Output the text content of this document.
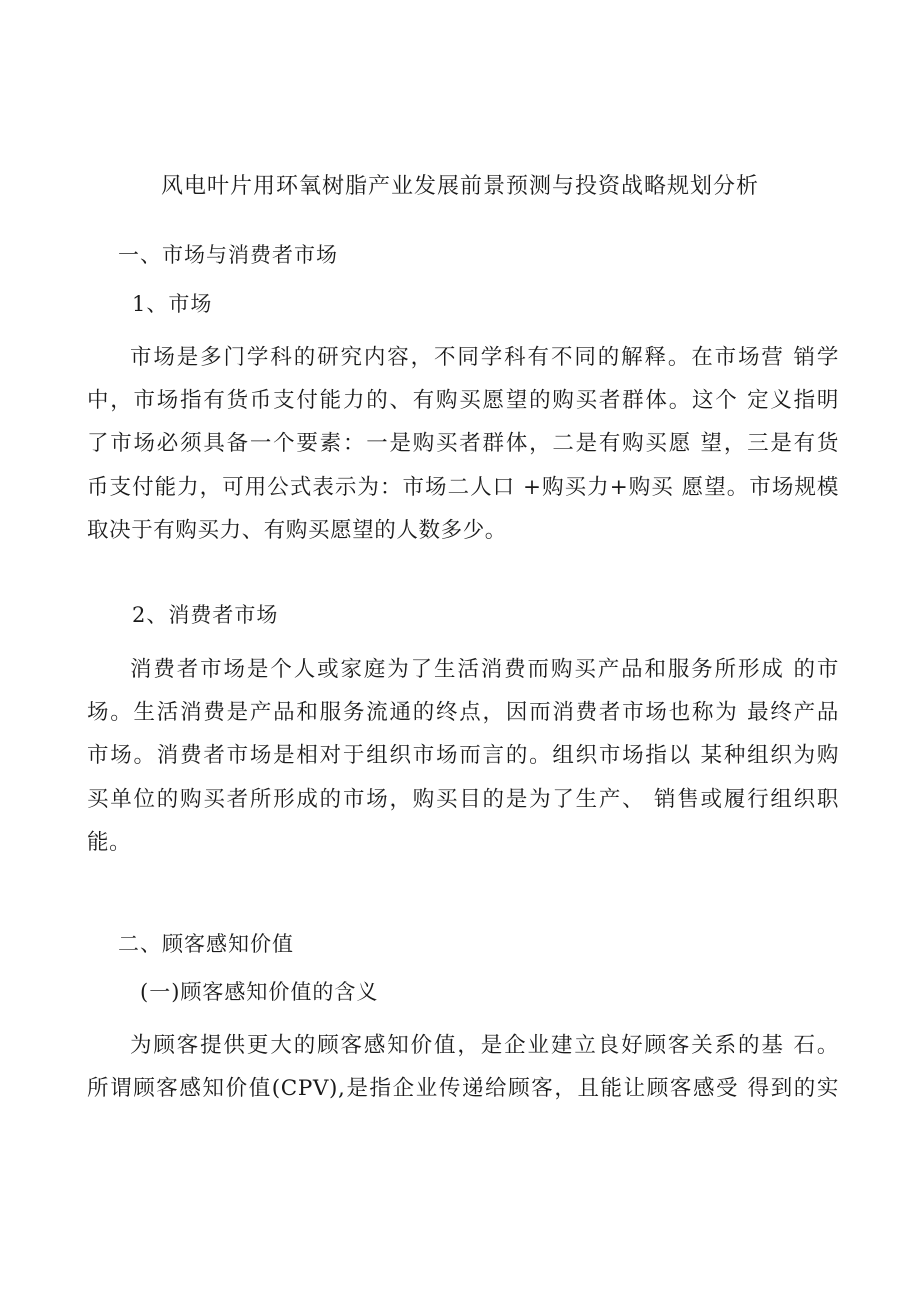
风电叶片用环氧树脂产业发展前景预测与投资战略规划分析
一、市场与消费者市场
1、市场
市场是多门学科的研究内容，不同学科有不同的解释。在市场营 销学
中，市场指有货币支付能力的、有购买愿望的购买者群体。这个 定义指明
了市场必须具备一个要素：一是购买者群体，二是有购买愿 望，三是有货
币支付能力，可用公式表示为：市场二人口 +购买力+购买 愿望。市场规模
取决于有购买力、有购买愿望的人数多少。
2、消费者市场
消费者市场是个人或家庭为了生活消费而购买产品和服务所形成 的市
场。生活消费是产品和服务流通的终点，因而消费者市场也称为 最终产品
市场。消费者市场是相对于组织市场而言的。组织市场指以 某种组织为购
买单位的购买者所形成的市场，购买目的是为了生产、 销售或履行组织职
能。
二、顾客感知价值
(一)顾客感知价值的含义
为顾客提供更大的顾客感知价值，是企业建立良好顾客关系的基 石。
所谓顾客感知价值(CPV),是指企业传递给顾客，且能让顾客感受 得到的实
